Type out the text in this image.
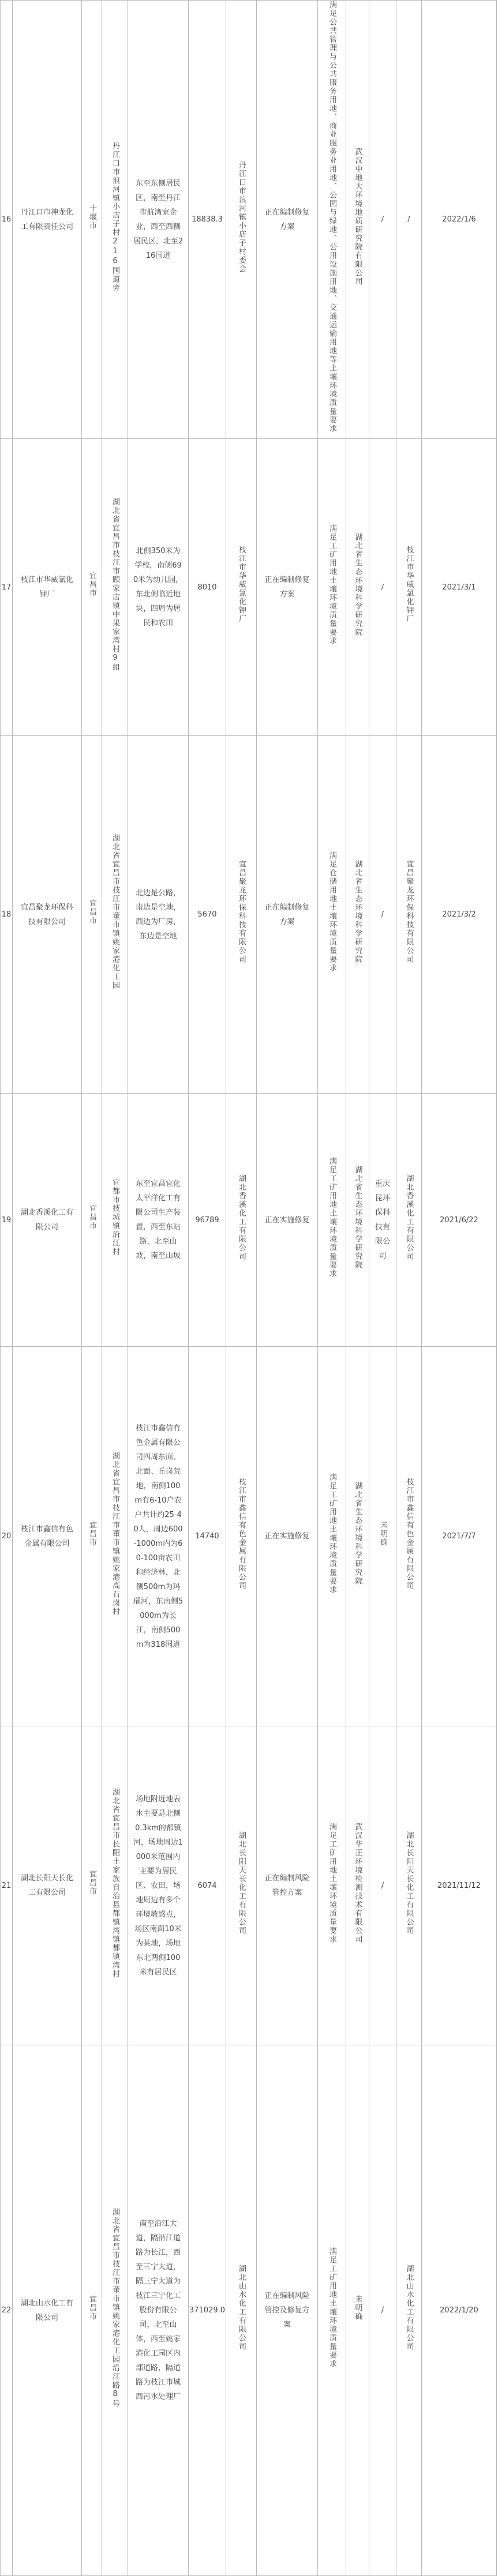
16	丹江口市神龙化工有限责任公司	十堰市	丹江口市浪河镇小店子村216国道旁	东至东侧居民区，南至丹江市航湾家企业，西至西侧居民区，北至216国道	18838.3	丹江口市浪河镇小店子村委会	正在编制修复方案	满足公共管理与公共服务用地、商业服务业用地、公园与绿地、公用设施用地、交通运输用地等土壤环境质量要求	武汉中地大环境地质研究院有限公司	/	/	2022/1/6
17	枝江市华威氯化钾厂	宜昌市	湖北省宜昌市枝江市顾家店镇中果家湾村9组	北侧350米为学校，南侧690米为幼儿园，东北侧临近地块，四周为居民和农田	8010	枝江市华威氯化钾厂	正在编制修复方案	满足工矿用地土壤环境质量要求	湖北省生态环境科学研究院	/	枝江市华威氯化钾厂	2021/3/1
18	宜昌聚龙环保科技有限公司	宜昌市	湖北省宜昌市枝江市董市镇姚家港化工园	北边是公路，南边是空地，西边为厂房，东边是空地	5670	宜昌聚龙环保科技有限公司	正在编制修复方案	满足仓储用地土壤环境质量要求	湖北省生态环境科学研究院	/	宜昌聚龙环保科技有限公司	2021/3/2
19	湖北香溪化工有限公司	宜昌市	宜都市枝城镇沿江村	东至宜昌宜化太平洋化工有限公司生产装置，西至东站路，北至山坡，南至山坡	96789	湖北香溪化工有限公司	正在实施修复	满足工矿用地土壤环境质量要求	湖北省生态环境科学研究院	重庆昆环保科技有限公司	湖北香溪化工有限公司	2021/6/22
20	枝江市鑫信有色金属有限公司	宜昌市	湖北省宜昌市枝江市董市镇姚家港高石岗村	枝江市鑫信有色金属有限公司四周东面、北面、丘岗荒地，南侧100m有6-10户农户共计约25-40人，周边600-1000m内为60-100亩农田和经济林，北侧500m为玛瑙河，东南侧5000m为长江，南侧500m为318国道	14740	枝江市鑫信有色金属有限公司	正在实施修复	满足工矿用地土壤环境质量要求	湖北省生态环境科学研究院	未明确	枝江市鑫信有色金属有限公司	2021/7/7
21	湖北长阳天长化工有限公司	宜昌市	湖北省宜昌市长阳土家族自治县都镇湾镇都镇湾村	场地附近地表水主要是北侧0.3km的都镇河，场地周边1000米范围内主要为居民区、农田，场地周边有多个环境敏感点，场区南面10米为某地，场地东北两侧100米有居民区	6074	湖北长阳天长化工有限公司	正在编制风险管控方案	满足工矿用地土壤环境质量要求	武汉华正环境检测技术有限公司	/	湖北长阳天长化工有限公司	2021/11/12
22	湖北山水化工有限公司	宜昌市	湖北省宜昌市枝江市董市镇姚家港化工园沿江路8号	南至沿江大道，隔沿江道路为长江，西至三宁大道，隔三宁大道为枝江三宁化工股份有限公司，北至山体，西至姚家港化工园区内部道路，隔道路为枝江市城西污水处理厂	371029.0	湖北山水化工有限公司	正在编制风险管控及修复方案	满足工矿用地土壤环境质量要求	未明确	/	湖北山水化工有限公司	2022/1/20
